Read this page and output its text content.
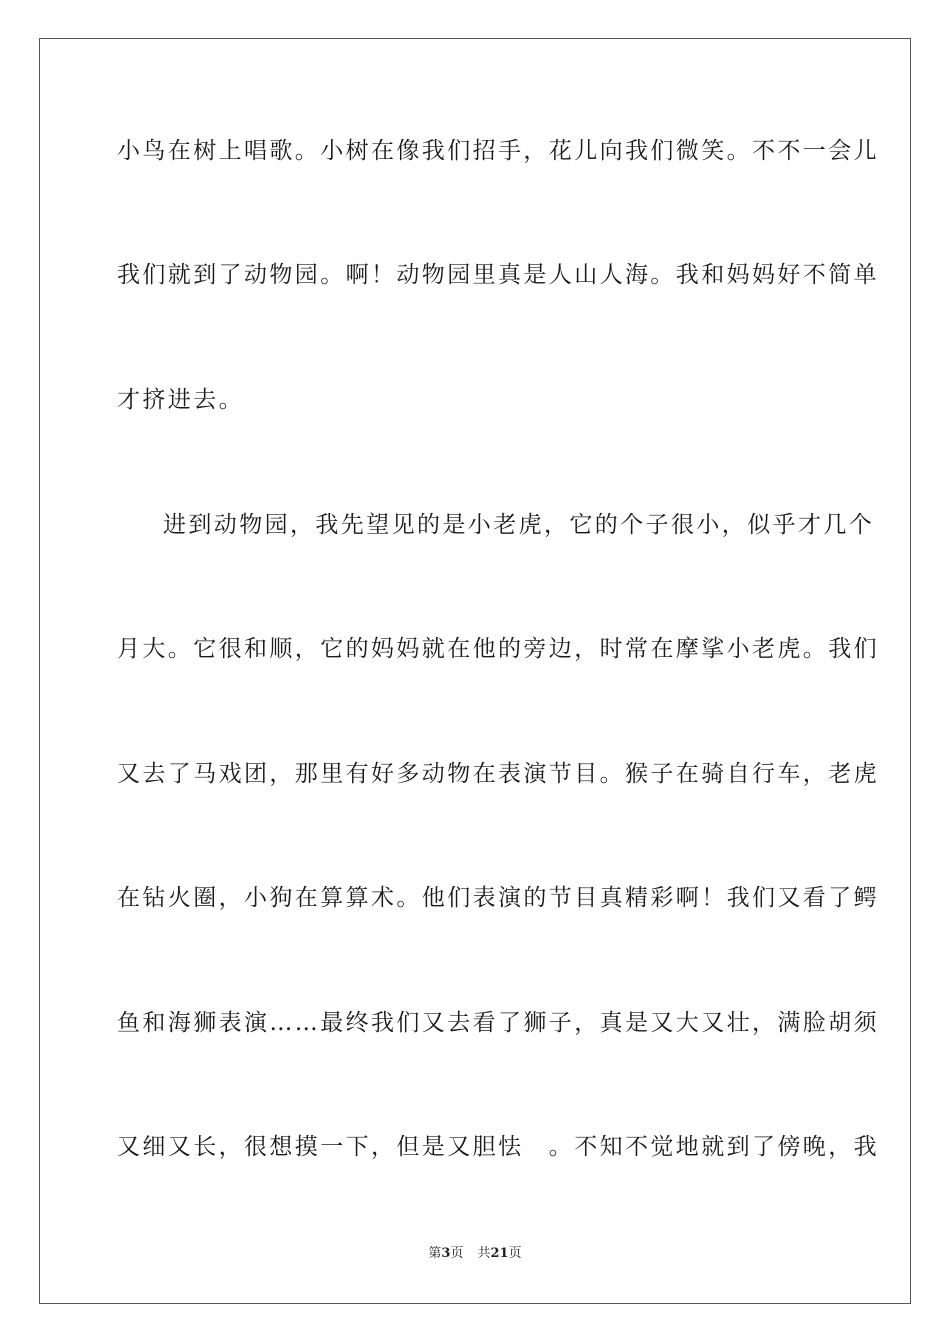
小鸟在树上唱歌。小树在像我们招手，花儿向我们微笑。不不一会儿
我们就到了动物园。啊！动物园里真是人山人海。我和妈妈好不简单
才挤进去。
进到动物园，我先望见的是小老虎，它的个子很小，似乎才几个
月大。它很和顺，它的妈妈就在他的旁边，时常在摩挲小老虎。我们
又去了马戏团，那里有好多动物在表演节目。猴子在骑自行车，老虎
在钻火圈，小狗在算算术。他们表演的节目真精彩啊！我们又看了鳄
鱼和海狮表演……最终我们又去看了狮子，真是又大又壮，满脸胡须
又细又长，很想摸一下，但是又胆怯　。不知不觉地就到了傍晚，我
第3页 共21页
